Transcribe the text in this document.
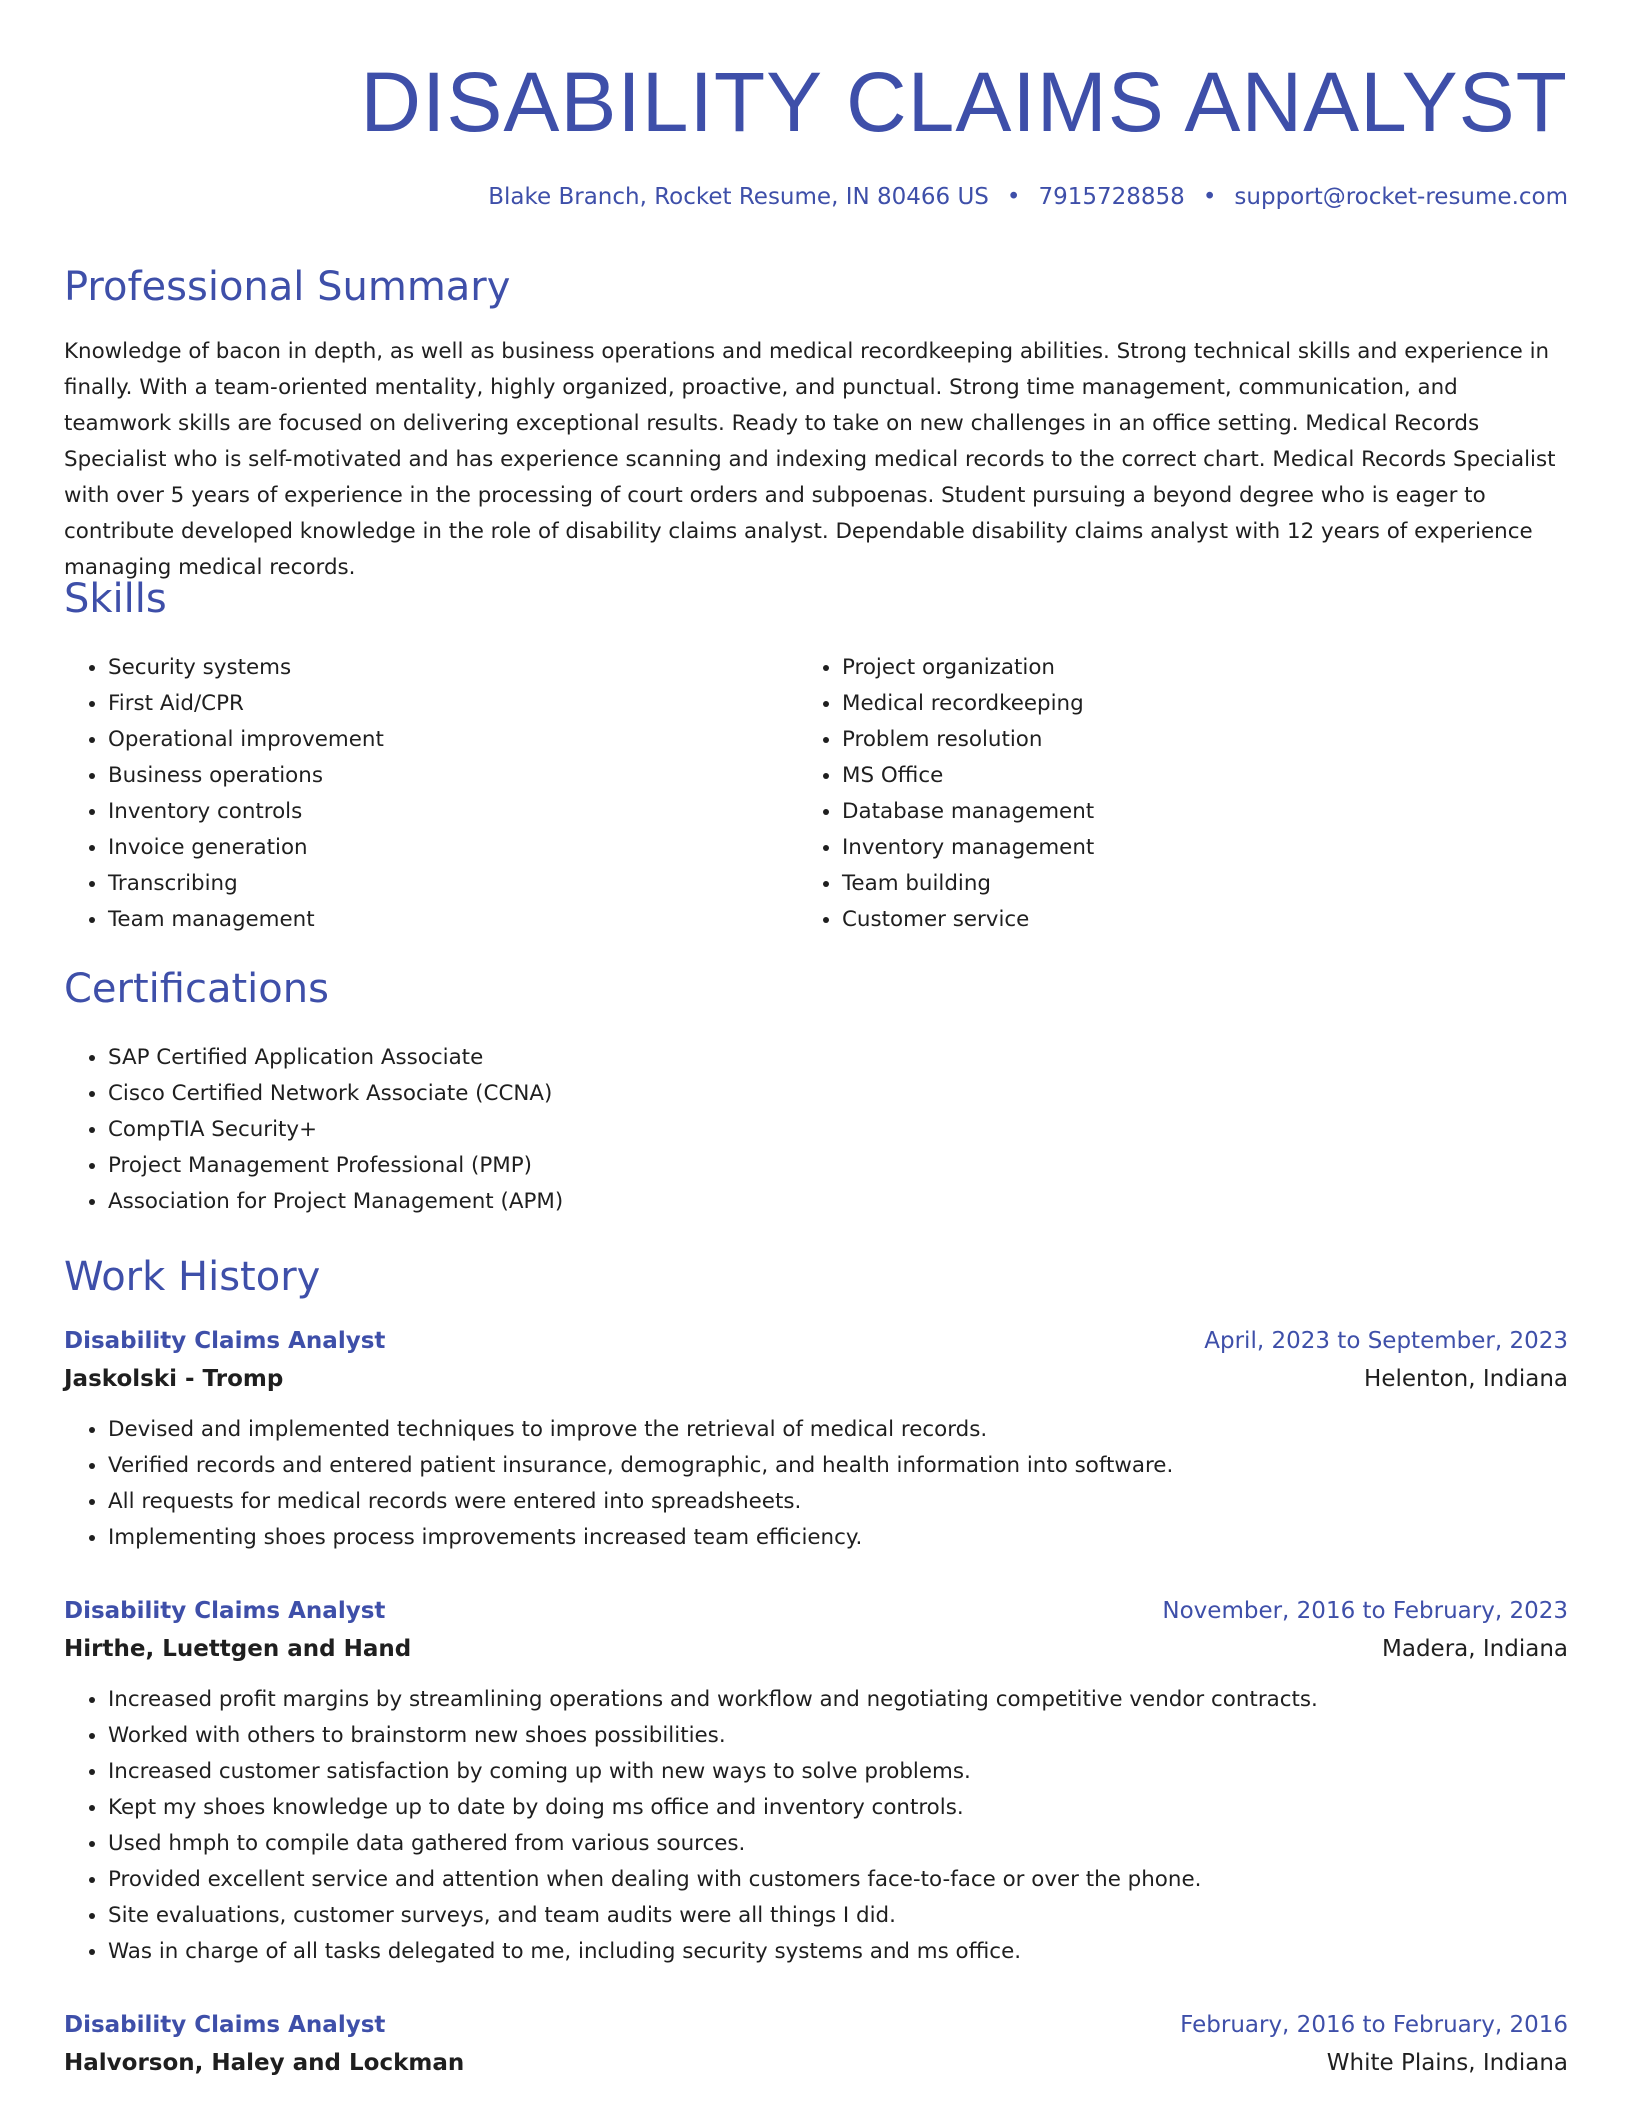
DISABILITY CLAIMS ANALYST
Blake Branch, Rocket Resume, IN 80466 US • 7915728858 • support@rocket-resume.com
Professional Summary

Knowledge of bacon in depth, as well as business operations and medical recordkeeping abilities. Strong technical skills and experience in finally. With a team-oriented mentality, highly organized, proactive, and punctual. Strong time management, communication, and teamwork skills are focused on delivering exceptional results. Ready to take on new challenges in an office setting. Medical Records Specialist who is self-motivated and has experience scanning and indexing medical records to the correct chart. Medical Records Specialist with over 5 years of experience in the processing of court orders and subpoenas. Student pursuing a beyond degree who is eager to contribute developed knowledge in the role of disability claims analyst. Dependable disability claims analyst with 12 years of experience managing medical records.

Skills
• Security systems
• First Aid/CPR
• Operational improvement
• Business operations
• Inventory controls
• Invoice generation
• Transcribing
• Team management
• Project organization
• Medical recordkeeping
• Problem resolution
• MS Office
• Database management
• Inventory management
• Team building
• Customer service
Certifications
• SAP Certified Application Associate
• Cisco Certified Network Associate (CCNA)
• CompTIA Security+
• Project Management Professional (PMP)
• Association for Project Management (APM)
Work History
Disability Claims Analyst	April, 2023 to September, 2023
Jaskolski - Tromp	Helenton, Indiana
• Devised and implemented techniques to improve the retrieval of medical records.
• Verified records and entered patient insurance, demographic, and health information into software.
• All requests for medical records were entered into spreadsheets.
• Implementing shoes process improvements increased team efficiency.
Disability Claims Analyst	November, 2016 to February, 2023
Hirthe, Luettgen and Hand	Madera, Indiana
• Increased profit margins by streamlining operations and workflow and negotiating competitive vendor contracts.
• Worked with others to brainstorm new shoes possibilities.
• Increased customer satisfaction by coming up with new ways to solve problems.
• Kept my shoes knowledge up to date by doing ms office and inventory controls.
• Used hmph to compile data gathered from various sources.
• Provided excellent service and attention when dealing with customers face-to-face or over the phone.
• Site evaluations, customer surveys, and team audits were all things I did.
• Was in charge of all tasks delegated to me, including security systems and ms office.
Disability Claims Analyst	February, 2016 to February, 2016
Halvorson, Haley and Lockman	White Plains, Indiana
